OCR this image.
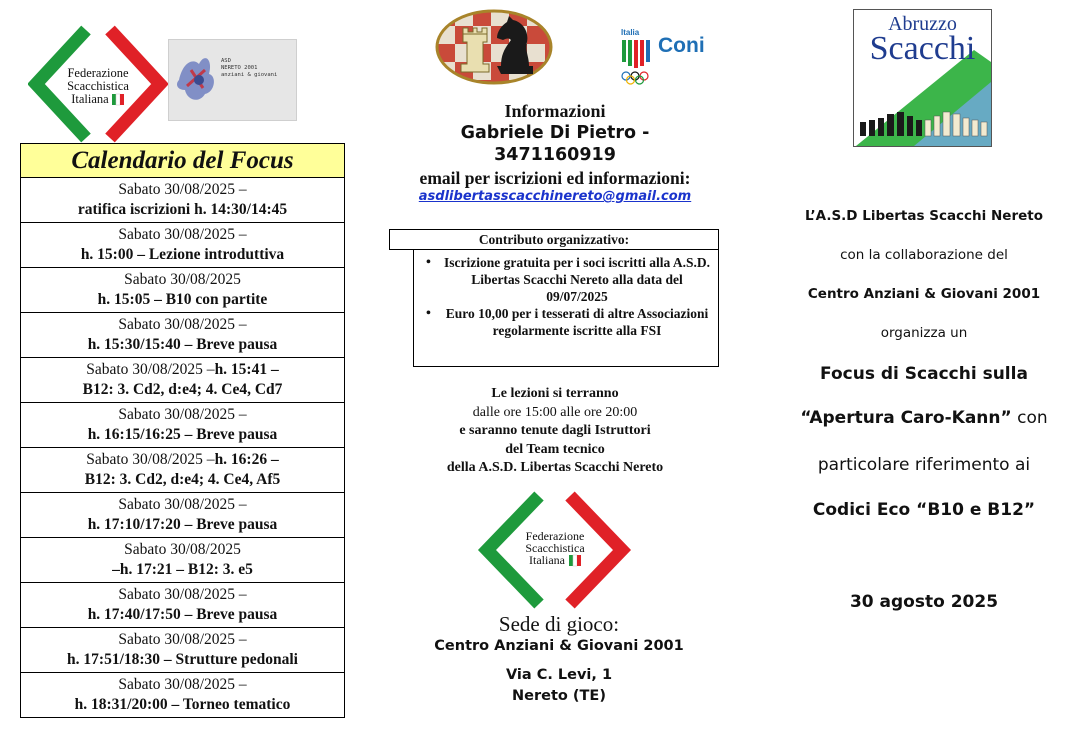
Federazione
Scacchistica
Italiana
ASD
NERETO 2001
anziani & giovani
Calendario del Focus
Sabato 30/08/2025 –
ratifica iscrizioni h. 14:30/14:45
Sabato 30/08/2025 –
h. 15:00 – Lezione introduttiva
Sabato 30/08/2025
h. 15:05 – B10 con partite
Sabato 30/08/2025 –
h. 15:30/15:40 – Breve pausa
Sabato 30/08/2025 –h. 15:41 –
B12: 3. Cd2, d:e4; 4. Ce4, Cd7
Sabato 30/08/2025 –
h. 16:15/16:25 – Breve pausa
Sabato 30/08/2025 –h. 16:26 –
B12: 3. Cd2, d:e4; 4. Ce4, Af5
Sabato 30/08/2025 –
h. 17:10/17:20 – Breve pausa
Sabato 30/08/2025
–h. 17:21 – B12: 3. e5
Sabato 30/08/2025 –
h. 17:40/17:50 – Breve pausa
Sabato 30/08/2025 –
h. 17:51/18:30 – Strutture pedonali
Sabato 30/08/2025 –
h. 18:31/20:00 – Torneo tematico
Italia
Coni
Informazioni
Gabriele Di Pietro -
3471160919
email per iscrizioni ed informazioni:
asdlibertasscacchinereto@gmail.com
Contributo organizzativo:
• Iscrizione gratuita per i soci iscritti alla A.S.D. Libertas Scacchi Nereto alla data del 09/07/2025
• Euro 10,00 per i tesserati di altre Associazioni regolarmente iscritte alla FSI
Le lezioni si terranno
dalle ore 15:00 alle ore 20:00
e saranno tenute dagli Istruttori
del Team tecnico
della A.S.D. Libertas Scacchi Nereto
Federazione
Scacchistica
Italiana
Sede di gioco:
Centro Anziani & Giovani 2001
Via C. Levi, 1
Nereto (TE)
Abruzzo
Scacchi
L’A.S.D Libertas Scacchi Nereto
con la collaborazione del
Centro Anziani & Giovani 2001
organizza un
Focus di Scacchi sulla
“Apertura Caro-Kann” con
particolare riferimento ai
Codici Eco “B10 e B12”
30 agosto 2025
